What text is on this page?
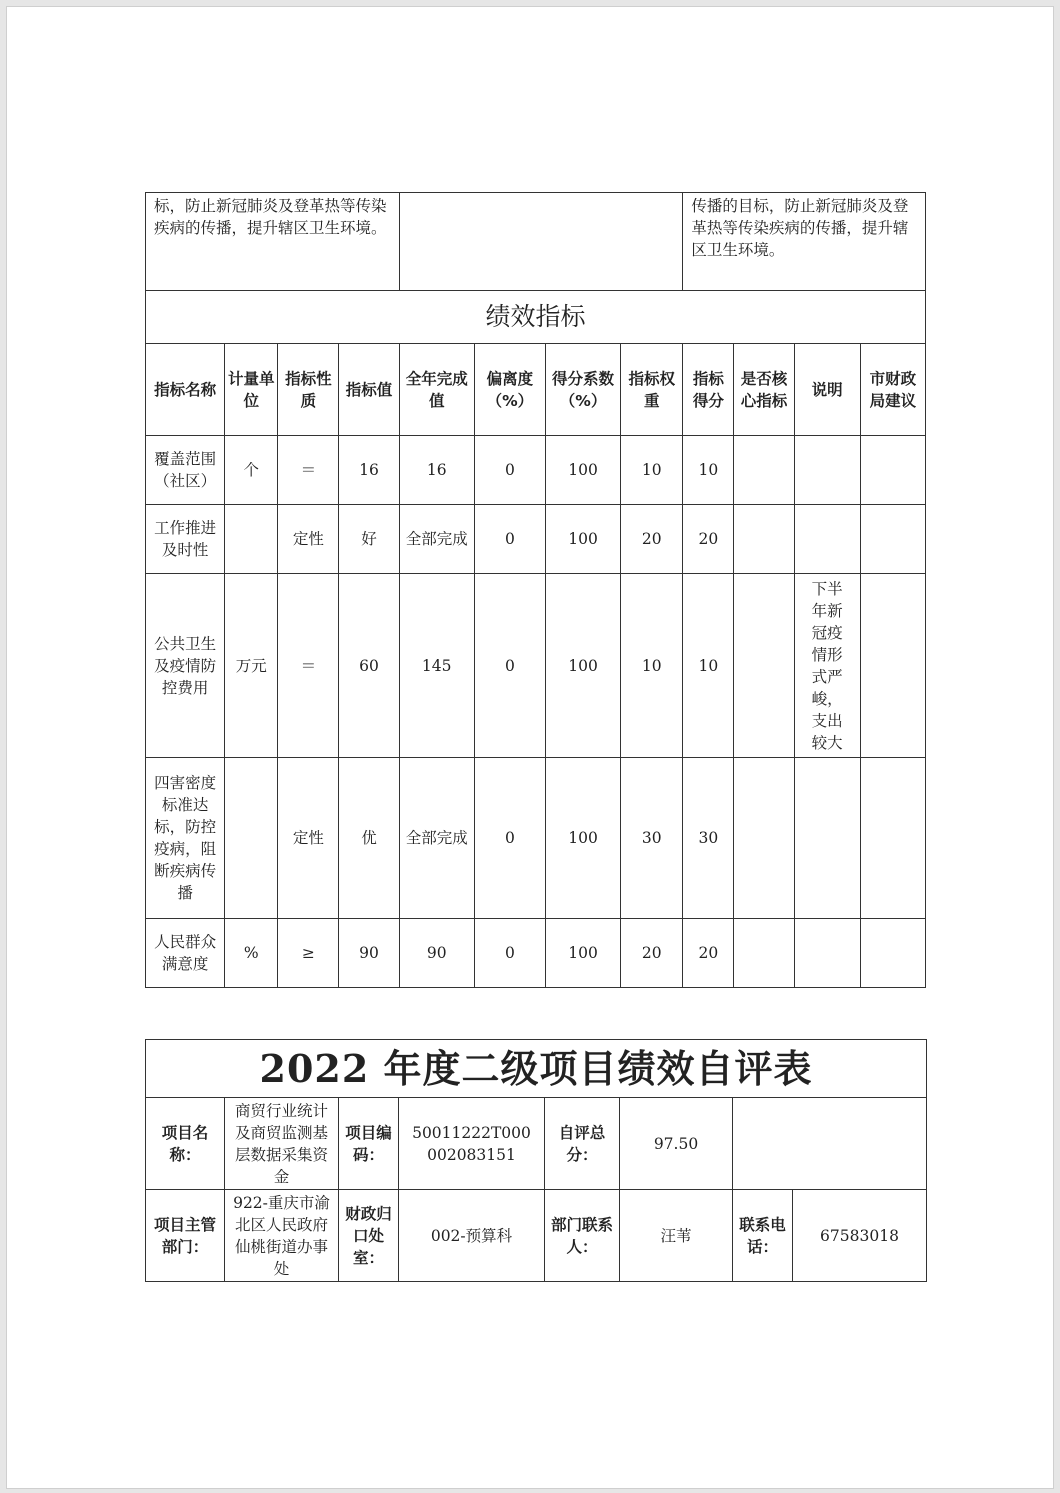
标，防止新冠肺炎及登革热等传染疾病的传播，提升辖区卫生环境。								传播的目标，防止新冠肺炎及登革热等传染疾病的传播，提升辖区卫生环境。			
绩效指标											
指标名称	计量单位	指标性质	指标值	全年完成值	偏离度（%）	得分系数（%）	指标权重	指标得分	是否核心指标	说明	市财政局建议
覆盖范围（社区）	个	＝	16	16	0	100	10	10			
工作推进及时性		定性	好	全部完成	0	100	20	20			
公共卫生及疫情防控费用	万元	＝	60	145	0	100	10	10		下半年新冠疫情形式严峻，支出较大	
四害密度标准达标，防控疫病，阻断疾病传播		定性	优	全部完成	0	100	30	30			
人民群众满意度	%	≥	90	90	0	100	20	20			
2022 年度二级项目绩效自评表							
项目名称：	商贸行业统计及商贸监测基层数据采集资金	项目编码：	50011222T000002083151	自评总分：	97.50		
项目主管部门：	922-重庆市渝北区人民政府仙桃街道办事处	财政归口处室：	002-预算科	部门联系人：	汪苇	联系电话：	67583018
